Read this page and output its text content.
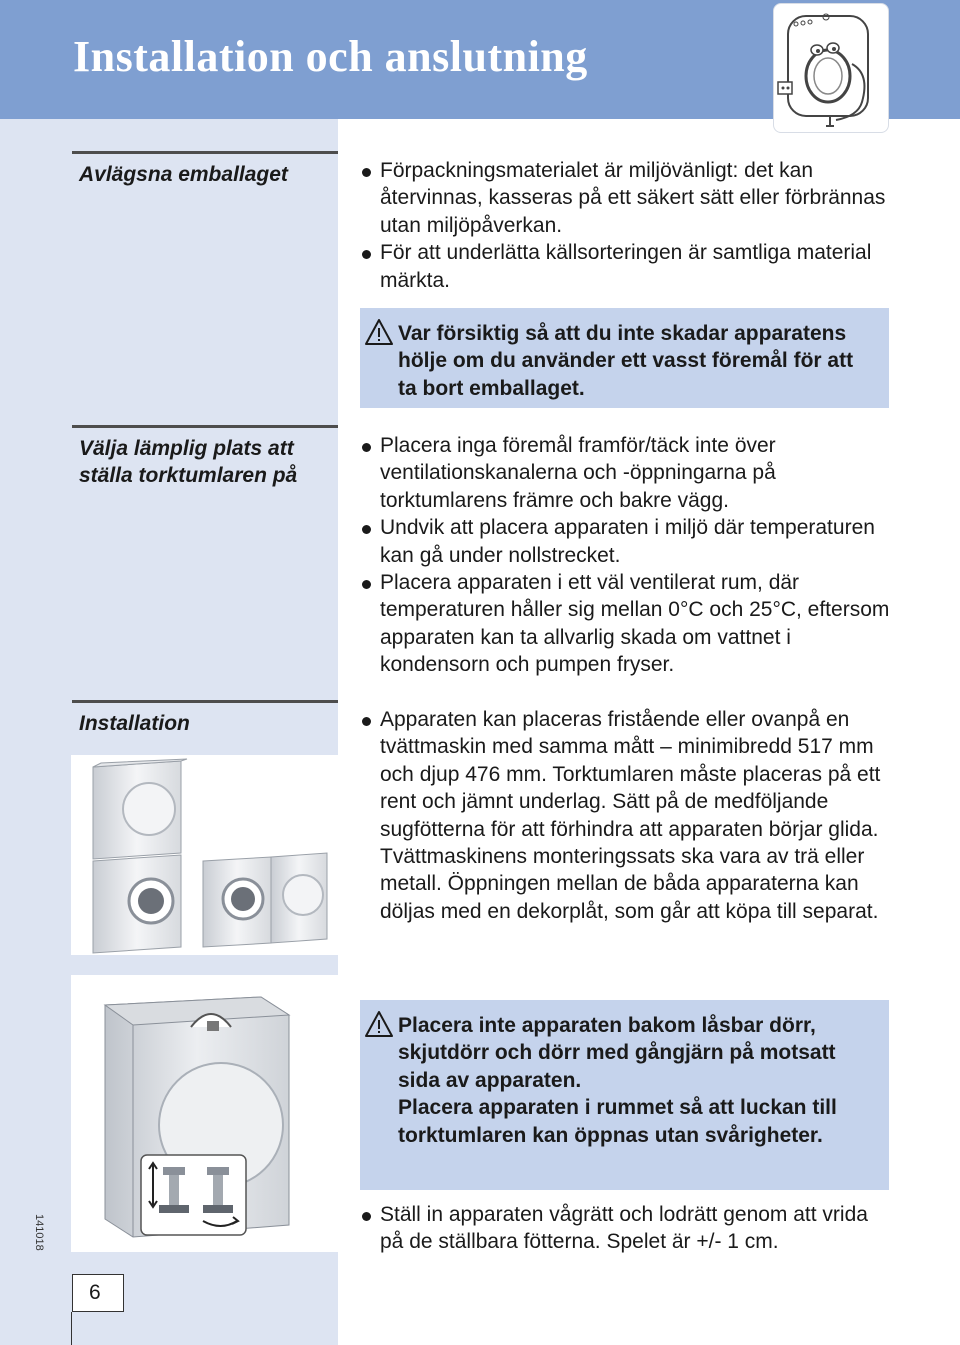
Installation och anslutning
Avlägsna emballaget	Förpackningsmaterialet är miljövänligt: det kan återvinnas, kasseras på ett säkert sätt eller förbrännas utan miljöpåverkan.
För att underlätta källsorteringen är samtliga material märkta.

Var försiktig så att du inte skadar apparatens hölje om du använder ett vasst föremål för att ta bort emballaget.

Välja lämplig plats att ställa torktumlaren på
Placera inga föremål framför/täck inte över ventilationskanalerna och -öppningarna på torktumlarens främre och bakre vägg.
Undvik att placera apparaten i miljö där temperaturen kan gå under nollstrecket.
Placera apparaten i ett väl ventilerat rum, där temperaturen håller sig mellan 0°C och 25°C, eftersom apparaten kan ta allvarlig skada om vattnet i kondensorn och pumpen fryser.
Installation	Apparaten kan placeras fristående eller ovanpå en tvättmaskin med samma mått – minimibredd 517 mm och djup 476 mm. Torktumlaren måste placeras på ett rent och jämnt underlag. Sätt på de medföljande sugfötterna för att förhindra att apparaten börjar glida. Tvättmaskinens monteringssats ska vara av trä eller metall. Öppningen mellan de båda apparaterna kan döljas med en dekorplåt, som går att köpa till separat.

Placera inte apparaten bakom låsbar dörr, skjutdörr och dörr med gångjärn på motsatt sida av apparaten.

Placera apparaten i rummet så att luckan till torktumlaren kan öppnas utan svårigheter.

Ställ in apparaten vågrätt och lodrätt genom att vrida på de ställbara fötterna. Spelet är +/- 1 cm.
141018
6
